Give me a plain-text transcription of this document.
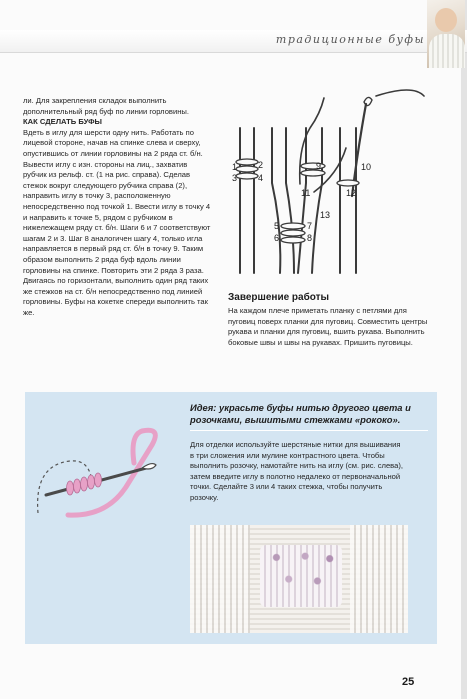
традиционные буфы

ли. Для закрепления складок выполнить дополнительный ряд буф по линии горловины.

КАК СДЕЛАТЬ БУФЫ

Вдеть в иглу для шерсти одну нить. Работать по лицевой стороне, начав на спинке слева и сверху, опустившись от линии горловины на 2 ряда ст. б/н. Вывести иглу с изн. стороны на лиц., захватив рубчик из рельф. ст. (1 на рис. справа). Сделав стежок вокруг следующего рубчика справа (2), направить иглу в точку 3, расположенную непосредственно под точкой 1. Ввести иглу в точку 4 и направить к точке 5, рядом с рубчиком в нижележащем ряду ст. б/н. Шаги 6 и 7 соответствуют шагам 2 и 3. Шаг 8 аналогичен шагу 4, только игла направляется в первый ряд ст. б/н в точку 9. Таким образом выполнить 2 ряда буф вдоль линии горловины на спинке. Повторить эти 2 ряда 3 раза. Двигаясь по горизонтали, выполнить один ряд таких же стежков на ст. б/н непосредственно под линией горловины. Буфы на кокетке спереди выполнить так же.

1 2
3 4
5
6
7
8
9	10
11	12
13
Завершение работы
На каждом плече приметать планку с петлями для пуговиц поверх планки для пуговиц. Совместить центры рукава и планки для пуговиц, вшить рукава. Выполнить боковые швы и швы на рукавах. Пришить пуговицы.
Идея: украсьте буфы нитью другого цвета и розочками, вышитыми стежками «рококо».
Для отделки используйте шерстяные нитки для вышивания в три сложения или мулине контрастного цвета. Чтобы выполнить розочку, намотайте нить на иглу (см. рис. слева), затем введите иглу в полотно недалеко от первоначальной точки. Сделайте 3 или 4 таких стежка, чтобы получить розочку.
25
